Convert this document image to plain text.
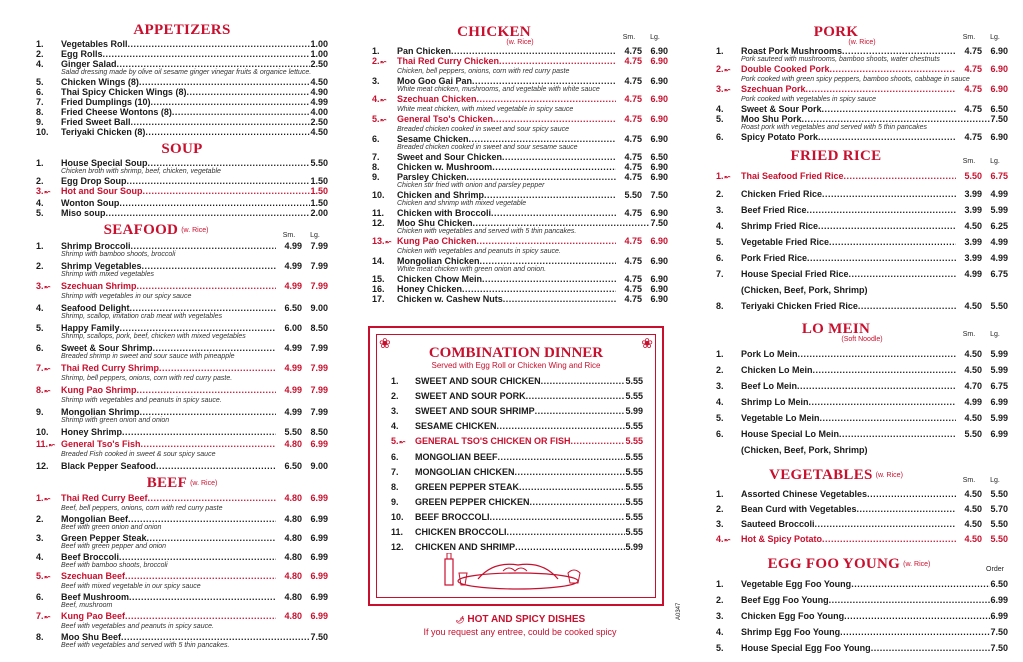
APPETIZERS
1.	Vegetables Roll .....	1.00
2.	Egg Rolls .....	1.00
4.	Ginger Salad .....	2.50
Salad dressing made by olive oil sesame ginger vinegar fruits & organice lettuce.
5.	Chicken Wings (8) .....	4.50
6.	Thai Spicy Chicken Wings (8) .....	4.90
7.	Fried Dumplings (10) .....	4.99
8.	Fried Cheese Wontons (8) .....	4.00
9.	Fried Sweet Ball .....	2.50
10.	Teriyaki Chicken (8) .....	4.50
SOUP
1.	House Special Soup .....	5.50
Chicken broth with shrimp, beef, chicken, vegetable
2.	Egg Drop Soup .....	1.50
3.↜	Hot and Sour Soup .....	1.50
4.	Wonton Soup .....	1.50
5.	Miso soup .....	2.00
SEAFOOD (w. Rice)
Sm. Lg.
1.	Shrimp Broccoli .....	4.99 7.99
Shrimp with bamboo shoots, broccoli
2.	Shrimp Vegetables .....	4.99 7.99
Shrimp with mixed vegetables
3.↜	Szechuan Shrimp .....	4.99 7.99
Shrimp with vegetables in our spicy sauce
4.	Seafood Delight .....	6.50 9.00
Shrimp, scallop, imitation crab meat with vegetables
5.	Happy Family .....	6.00 8.50
Shrimp, scallops, pork, beef, chicken with mixed vegetables
6.	Sweet & Sour Shrimp .....	4.99 7.99
Breaded shrimp in sweet and sour sauce with pineapple
7.↜	Thai Red Curry Shrimp .....	4.99 7.99
Shrimp, bell peppers, onions, corn with red curry paste.
8.↜	Kung Pao Shrimp .....	4.99 7.99
Shrimp with vegetables and peanuts in spicy sauce.
9.	Mongolian Shrimp .....	4.99 7.99
Shrimp with green onion and onion
10.	Honey Shrimp .....	5.50 8.50
11.↜ General Tso's Fish .....	4.80 6.99
Breaded Fish cooked in sweet & sour spicy sauce
12.	Black Pepper Seafood .....	6.50 9.00
BEEF (w. Rice)
1.↜	Thai Red Curry Beef .....	4.80 6.99
Beef, bell peppers, onions, corn with red curry paste
2.	Mongolian Beef .....	4.80 6.99
Beef with green onion and onion
3.	Green Pepper Steak .....	4.80 6.99
Beef with green pepper and onion
4.	Beef Broccoli .....	4.80 6.99
Beef with bamboo shoots, broccoli
5.↜	Szechuan Beef .....	4.80 6.99
Beef with mixed vegetable in our spicy sauce
6.	Beef Mushroom .....	4.80 6.99
Beef, mushroom
7.↜	Kung Pao Beef .....	4.80 6.99
Beef with vegetables and peanuts in spicy sauce.
8.	Moo Shu Beef .....	7.50
Beef with vegetables and served with 5 thin pancakes.
CHICKEN	Sm. Lg.
(w. Rice)
1.	Pan Chicken .....	4.75 6.90
2.↜	Thai Red Curry Chicken .....	4.75 6.90
Chicken, bell peppers, onions, corn with red curry paste
3.	Moo Goo Gai Pan .....	4.75 6.90
White meat chicken, mushrooms, and vegetable with white sauce
4.↜	Szechuan Chicken .....	4.75 6.90
White meat chicken, with mixed vegetable in spicy sauce
5.↜	General Tso's Chicken .....	4.75 6.90
Breaded chicken cooked in sweet and sour spicy sauce
6.	Sesame Chicken .....	4.75 6.90
Breaded chicken cooked in sweet and sour sesame sauce
7.	Sweet and Sour Chicken .....	4.75 6.50
8.	Chicken w. Mushroom .....	4.75 6.90
9.	Parsley Chicken .....	4.75 6.90
Chicken stir fried with onion and parsley pepper
10.	Chicken and Shrimp .....	5.50 7.50
Chicken and shrimp with mixed vegetable
11.	Chicken with Broccoli .....	4.75 6.90
12.	Moo Shu Chicken .....	7.50
Chicken with vegetables and served with 5 thin pancakes.
13.↜ Kung Pao Chicken .....	4.75 6.90
Chicken with vegetables and peanuts in spicy sauce.
14.	Mongolian Chicken .....	4.75 6.90
White meat chicken with green onion and onion.
15.	Chicken Chow Mein .....	4.75 6.90
16.	Honey Chicken .....	4.75 6.90
17.	Chicken w. Cashew Nuts .....	4.75 6.90
❀	❀
COMBINATION DINNER
Served with Egg Roll or Chicken Wing and Rice
1.	SWEET AND SOUR CHICKEN .....	5.55
2.	SWEET AND SOUR PORK .....	5.55
3.	SWEET AND SOUR SHRIMP .....	5.99
4.	SESAME CHICKEN .....	5.55
5.↜	GENERAL TSO'S CHICKEN OR FISH .....	5.55
6.	MONGOLIAN BEEF .....	5.55
7.	MONGOLIAN CHICKEN .....	5.55
8.	GREEN PEPPER STEAK .....	5.55
9.	GREEN PEPPER CHICKEN .....	5.55
10.	BEEF BROCCOLI .....	5.55
11.	CHICKEN BROCCOLI .....	5.55
12.	CHICKEN AND SHRIMP .....	5.99
🌶 HOT AND SPICY DISHES
If you request any entree, could be cooked spicy
A0347
PORK	Sm. Lg.
(w. Rice)
1.	Roast Pork Mushrooms .....	4.75 6.90
Pork sauteed with mushrooms, bamboo shoots, water chestnuts
2.↜	Double Cooked Pork .....	4.75 6.90
Pork cooked with green spicy peppers, bamboo shoots, cabbage in sauce
3.↜	Szechuan Pork .....	4.75 6.90
Pork cooked with vegetables in spicy sauce
4.	Sweet & Sour Pork .....	4.75 6.50
5.	Moo Shu Pork .....	7.50
Roast pork with vegetables and served with 5 thin pancakes
6.	Spicy Potato Pork .....	4.75 6.90
FRIED RICE	Sm. Lg.
1.↜	Thai Seafood Fried Rice .....	5.50 6.75
2.	Chicken Fried Rice .....	3.99 4.99
3.	Beef Fried Rice .....	3.99 5.99
4.	Shrimp Fried Rice .....	4.50 6.25
5.	Vegetable Fried Rice .....	3.99 4.99
6.	Pork Fried Rice .....	3.99 4.99
7.	House Special Fried Rice .....	4.99 6.75
(Chicken, Beef, Pork, Shrimp)
8.	Teriyaki Chicken Fried Rice .....	4.50 5.50
LO MEIN	Sm. Lg.
(Soft Noodle)
1.	Pork Lo Mein .....	4.50 5.99
2.	Chicken Lo Mein .....	4.50 5.99
3.	Beef Lo Mein .....	4.70 6.75
4.	Shrimp Lo Mein .....	4.99 6.99
5.	Vegetable Lo Mein .....	4.50 5.99
6.	House Special Lo Mein .....	5.50 6.99
(Chicken, Beef, Pork, Shrimp)
VEGETABLES (w. Rice)
Sm. Lg.
1.	Assorted Chinese Vegetables .....	4.50 5.50
2.	Bean Curd with Vegetables .....	4.50 5.70
3.	Sauteed Broccoli .....	4.50 5.50
4.↜	Hot & Spicy Potato .....	4.50 5.50
EGG FOO YOUNG (w. Rice)
Order
1.	Vegetable Egg Foo Young .....	6.50
2.	Beef Egg Foo Young .....	6.99
3.	Chicken Egg Foo Young .....	6.99
4.	Shrimp Egg Foo Young .....	7.50
5.	House Special Egg Foo Young .....	7.50
